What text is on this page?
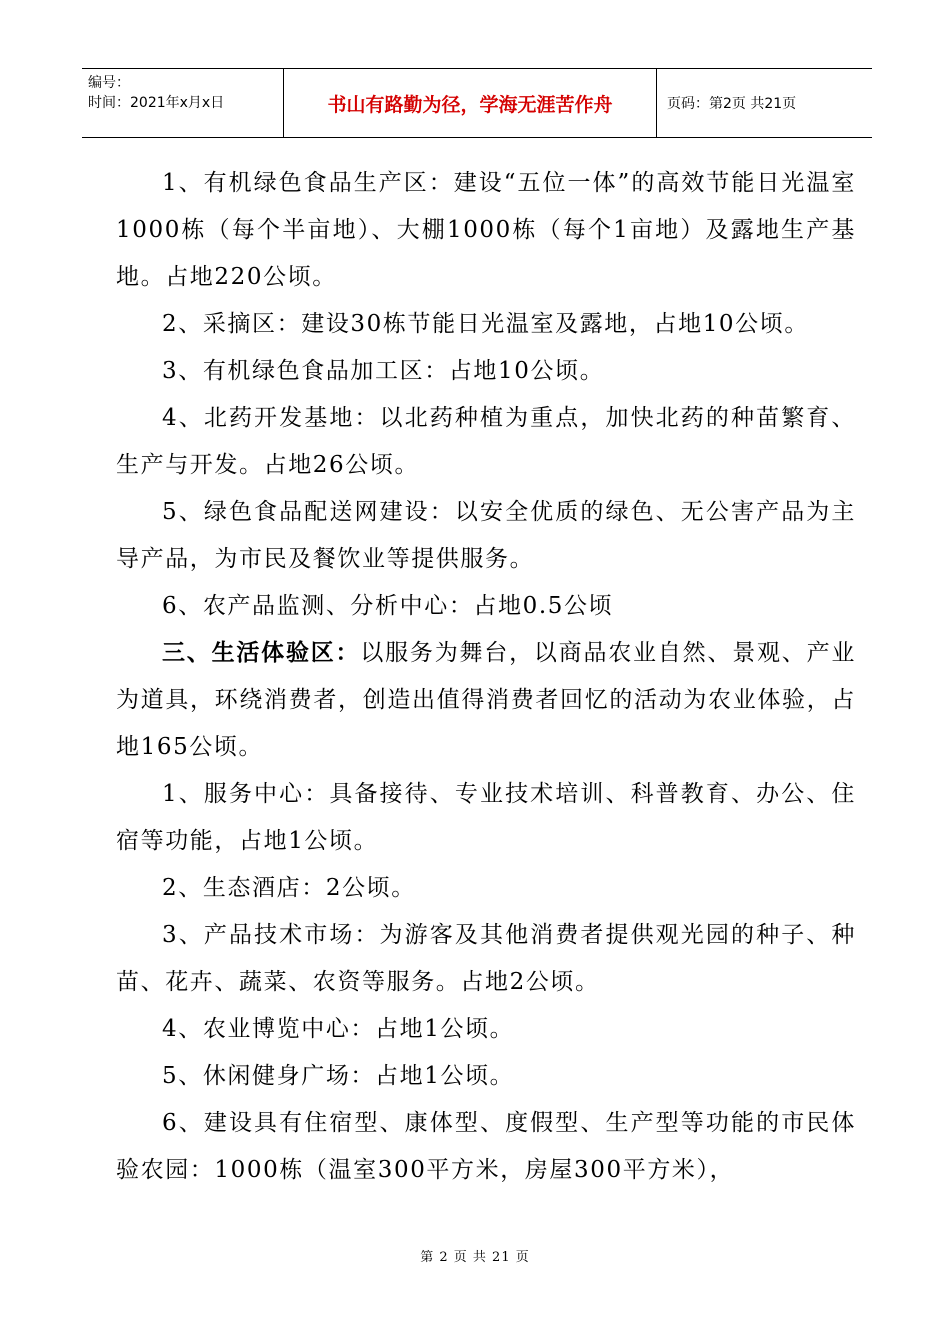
编号：
时间：2021年x月x日	书山有路勤为径，学海无涯苦作舟	页码：第2页 共21页

1、有机绿色食品生产区：建设“五位一体”的高效节能日光温室1000栋（每个半亩地）、大棚1000栋（每个1亩地）及露地生产基地。占地220公顷。

2、采摘区：建设30栋节能日光温室及露地，占地10公顷。

3、有机绿色食品加工区：占地10公顷。

4、北药开发基地：以北药种植为重点，加快北药的种苗繁育、生产与开发。占地26公顷。

5、绿色食品配送网建设：以安全优质的绿色、无公害产品为主导产品，为市民及餐饮业等提供服务。

6、农产品监测、分析中心：占地0.5公顷

三、生活体验区：以服务为舞台，以商品农业自然、景观、产业为道具，环绕消费者，创造出值得消费者回忆的活动为农业体验，占地165公顷。

1、服务中心：具备接待、专业技术培训、科普教育、办公、住宿等功能，占地1公顷。

2、生态酒店：2公顷。

3、产品技术市场：为游客及其他消费者提供观光园的种子、种苗、花卉、蔬菜、农资等服务。占地2公顷。

4、农业博览中心：占地1公顷。

5、休闲健身广场：占地1公顷。

6、建设具有住宿型、康体型、度假型、生产型等功能的市民体验农园：1000栋（温室300平方米，房屋300平方米），

第 2 页 共 21 页
